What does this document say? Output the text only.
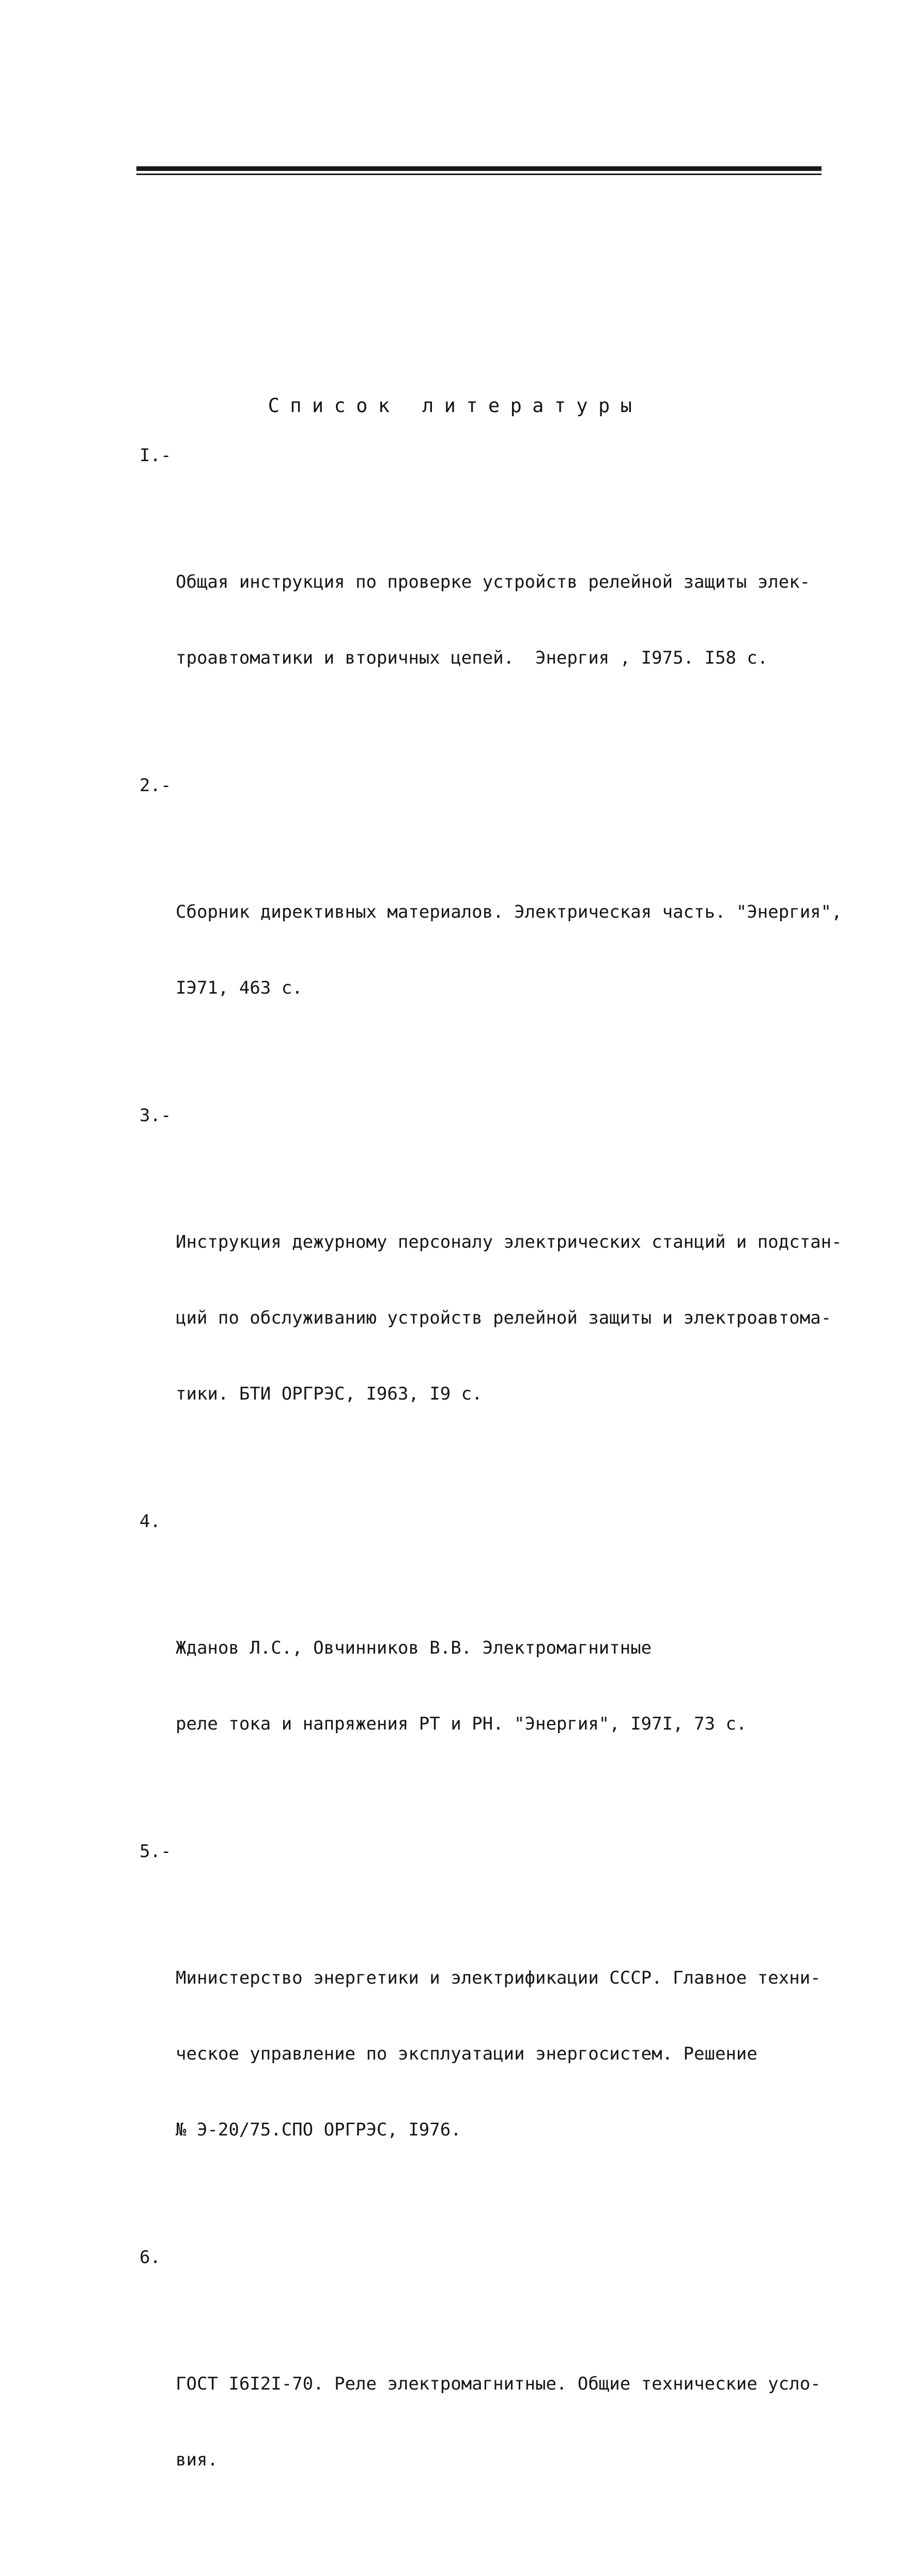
Список литературы

I.-

Общая инструкция по проверке устройств релейной защиты элек-

троавтоматики и вторичных цепей.  Энергия , I975. I58 с.

2.-

Сборник директивных материалов. Электрическая часть. "Энергия",

IЭ71, 463 с.

3.-

Инструкция дежурному персоналу электрических станций и подстан-

ций по обслуживанию устройств релейной защиты и электроавтома-

тики. БТИ ОРГРЭС, I963, I9 с.

4.

Жданов Л.С., Овчинников В.В. Электромагнитные

реле тока и напряжения РТ и РН. "Энергия", I97I, 73 с.

5.-

Министерство энергетики и электрификации СССР. Главное техни-

ческое управление по эксплуатации энергосистем. Решение

№ Э-20/75.СПО ОРГРЭС, I976.

6.

ГОСТ I6I2I-70. Реле электромагнитные. Общие технические усло-

вия.
